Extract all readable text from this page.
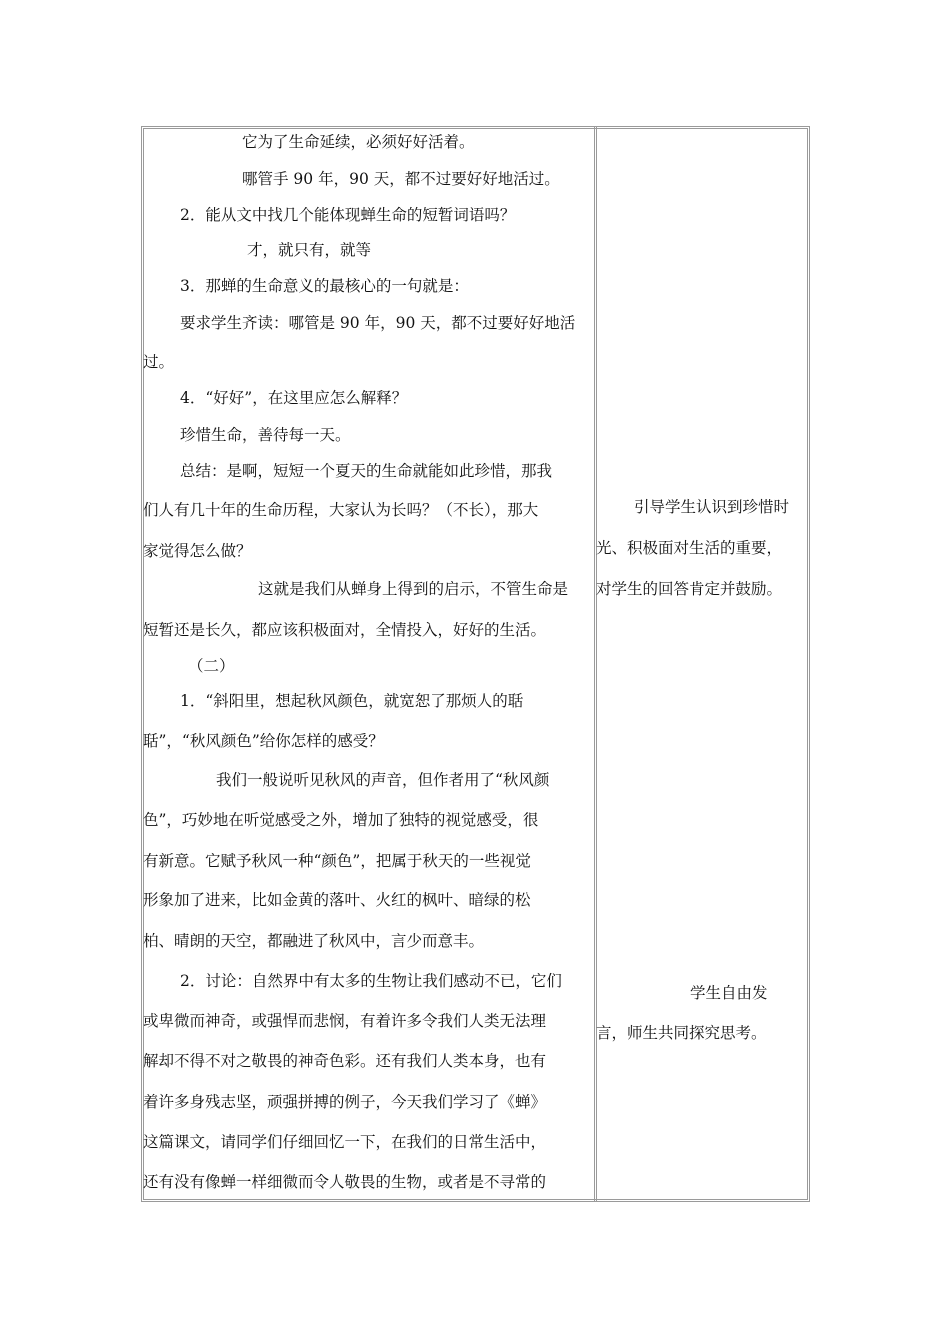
它为了生命延续，必须好好活着。
哪管手 90 年，90 天，都不过要好好地活过。
2．能从文中找几个能体现蝉生命的短暂词语吗？
才，就只有，就等
3．那蝉的生命意义的最核心的一句就是：
要求学生齐读：哪管是 90 年，90 天，都不过要好好地活
过。
4．“好好”，在这里应怎么解释？
珍惜生命，善待每一天。
总结：是啊，短短一个夏天的生命就能如此珍惜，那我
们人有几十年的生命历程，大家认为长吗？（不长），那大
家觉得怎么做？
这就是我们从蝉身上得到的启示，不管生命是
短暂还是长久，都应该积极面对，全情投入，好好的生活。
（二）
1．“斜阳里，想起秋风颜色，就宽恕了那烦人的聒
聒”，“秋风颜色”给你怎样的感受？
我们一般说听见秋风的声音，但作者用了“秋风颜
色”，巧妙地在听觉感受之外，增加了独特的视觉感受，很
有新意。它赋予秋风一种“颜色”，把属于秋天的一些视觉
形象加了进来，比如金黄的落叶、火红的枫叶、暗绿的松
柏、晴朗的天空，都融进了秋风中，言少而意丰。
2．讨论：自然界中有太多的生物让我们感动不已，它们
或卑微而神奇，或强悍而悲悯，有着许多令我们人类无法理
解却不得不对之敬畏的神奇色彩。还有我们人类本身，也有
着许多身残志坚，顽强拼搏的例子，今天我们学习了《蝉》
这篇课文，请同学们仔细回忆一下，在我们的日常生活中，
还有没有像蝉一样细微而令人敬畏的生物，或者是不寻常的
引导学生认识到珍惜时
光、积极面对生活的重要，
对学生的回答肯定并鼓励。
学生自由发
言，师生共同探究思考。
